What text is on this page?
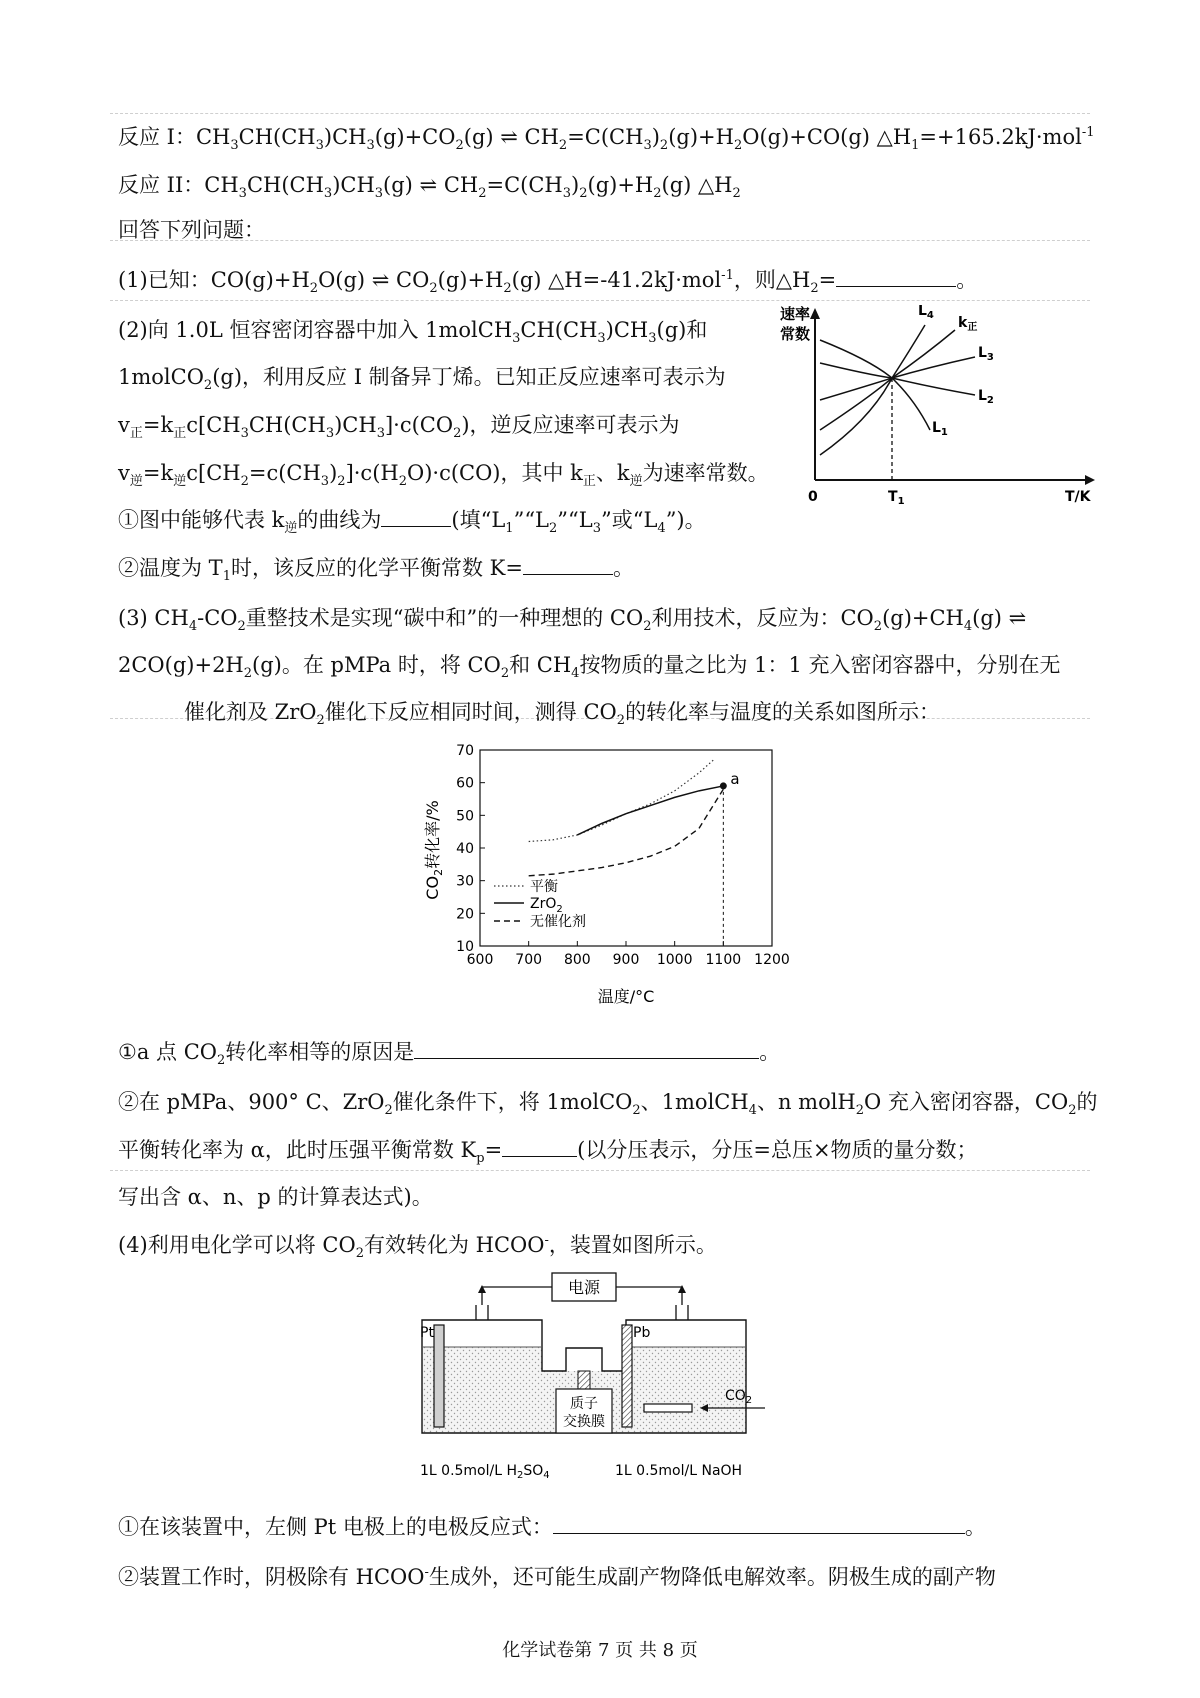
反应 I：$CH_3CH(CH_3)CH_3(g)+CO_2(g)$ ⇌ $CH_2=C(CH_3)_2(g)+H_2O(g)+CO(g)$ $\triangle H_1=+165.2kJ\cdot mol^{-1}$
反应 II：$CH_3CH(CH_3)CH_3(g)$ ⇌ $CH_2=C(CH_3)_2(g)+H_2(g)$ $\triangle H_2$
回答下列问题：
(1)已知：$CO(g)+H_2O(g)$ ⇌ $CO_2(g)+H_2(g)$ △H=-41.2kJ·mol$^{-1}$，则$\triangle H_2=$	。
(2)向 1.0L 恒容密闭容器中加入 $1molCH_3CH(CH_3)CH_3(g)$和
1molCO$_2$(g)，利用反应 I 制备异丁烯。已知正反应速率可表示为
$v_正=k_正c[CH_3CH(CH_3)CH_3]\cdot c(CO_2)$，逆反应速率可表示为
$v_逆=k_逆c[CH_2=c(CH_3)_2]\cdot c(H_2O)\cdot c(CO)$，其中 $k_正$、$k_逆$为速率常数。
①图中能够代表 $k_逆$的曲线为	(填“$L_1”“L_2”“L_3$”或“$L_4$”)。
②温度为 $T_1$时，该反应的化学平衡常数 K=	。
速率
常数
0	$T_1$	T/K
$L_4$ $k_正$
$L_3$
$L_2$
$L_1$
(3) $CH_4-CO_2$重整技术是实现“碳中和”的一种理想的 $CO_2$利用技术，反应为：$CO_2(g)+CH_4(g)$ ⇌
$2CO(g)+2H_2(g)$。在 pMPa 时，将 $CO_2$和 $CH_4$按物质的量之比为 1：1 充入密闭容器中，分别在无
催化剂及 ZrO$_2$催化下反应相同时间，测得 $CO_2$的转化率与温度的关系如图所示：
600 700 800 900 1000 1100 1200
10
20
30
40
50
60
70
a
$CO_2$转化率/%
温度/°C
平衡
ZrO$_2$
无催化剂
①a 点 $CO_2$转化率相等的原因是	。
②在 pMPa、900° C、ZrO$_2$催化条件下，将 1molCO$_2$、1molCH$_4$、n molH$_2$O 充入密闭容器，$CO_2$的
平衡转化率为 α，此时压强平衡常数 $K_p=$	(以分压表示，分压=总压×物质的量分数；
写出含 α、n、p 的计算表达式)。
(4)利用电化学可以将 $CO_2$有效转化为 HCOO-，装置如图所示。
电源
质子
交换膜
Pt	Pb
$CO_2$
1L 0.5mol/L $H_2SO_4$	1L 0.5mol/L NaOH
①在该装置中，左侧 Pt 电极上的电极反应式：	。
②装置工作时，阴极除有 HCOO-生成外，还可能生成副产物降低电解效率。阴极生成的副产物
化学试卷第 7 页 共 8 页
